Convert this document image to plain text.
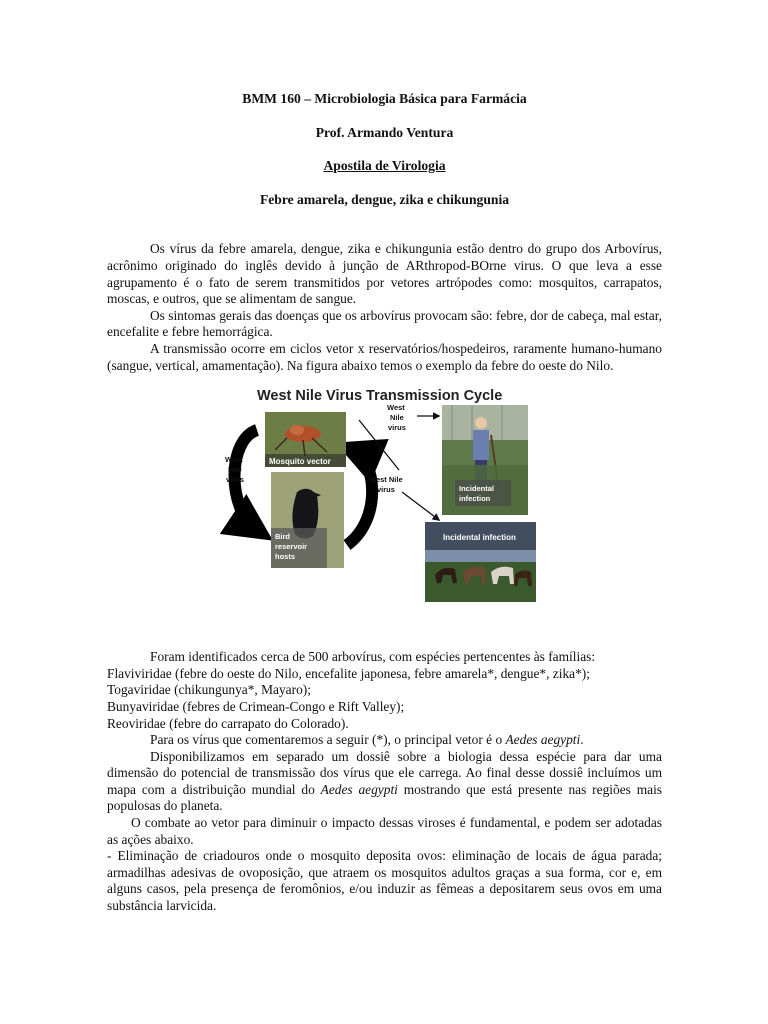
BMM 160 – Microbiologia Básica para Farmácia
Prof. Armando Ventura
Apostila de Virologia
Febre amarela, dengue, zika e chikungunia
Os vírus da febre amarela, dengue, zika e chikungunia estão dentro do grupo dos Arbovírus, acrônimo originado do inglês devido à junção de ARthropod-BOrne virus. O que leva a esse agrupamento é o fato de serem transmitidos por vetores artrópodes como: mosquitos, carrapatos, moscas, e outros, que se alimentam de sangue.
Os sintomas gerais das doenças que os arbovírus provocam são: febre, dor de cabeça, mal estar, encefalite e febre hemorrágica.
A transmissão ocorre em ciclos vetor x reservatórios/hospedeiros, raramente humano-humano (sangue, vertical, amamentação). Na figura abaixo temos o exemplo da febre do oeste do Nilo.
West Nile Virus Transmission Cycle
Mosquito vector
Bird
reservoir
hosts
Incidental
infection
Incidental infection
West
Nile
virus
West
Nile
virus
West Nile
virus
Foram identificados cerca de 500 arbovírus, com espécies pertencentes às famílias:
Flaviviridae (febre do oeste do Nilo, encefalite japonesa, febre amarela*, dengue*, zika*);
Togaviridae (chikungunya*, Mayaro);
Bunyaviridae (febres de Crimean-Congo e Rift Valley);
Reoviridae (febre do carrapato do Colorado).
Para os vírus que comentaremos a seguir (*), o principal vetor é o Aedes aegypti.
Disponibilizamos em separado um dossiê sobre a biologia dessa espécie para dar uma dimensão do potencial de transmissão dos vírus que ele carrega. Ao final desse dossiê incluímos um mapa com a distribuição mundial do Aedes aegypti mostrando que está presente nas regiões mais populosas do planeta.
O combate ao vetor para diminuir o impacto dessas viroses é fundamental, e podem ser adotadas as ações abaixo.
- Eliminação de criadouros onde o mosquito deposita ovos: eliminação de locais de água parada; armadilhas adesivas de ovoposição, que atraem os mosquitos adultos graças a sua forma, cor e, em alguns casos, pela presença de feromônios, e/ou induzir as fêmeas a depositarem seus ovos em uma substância larvicida.
